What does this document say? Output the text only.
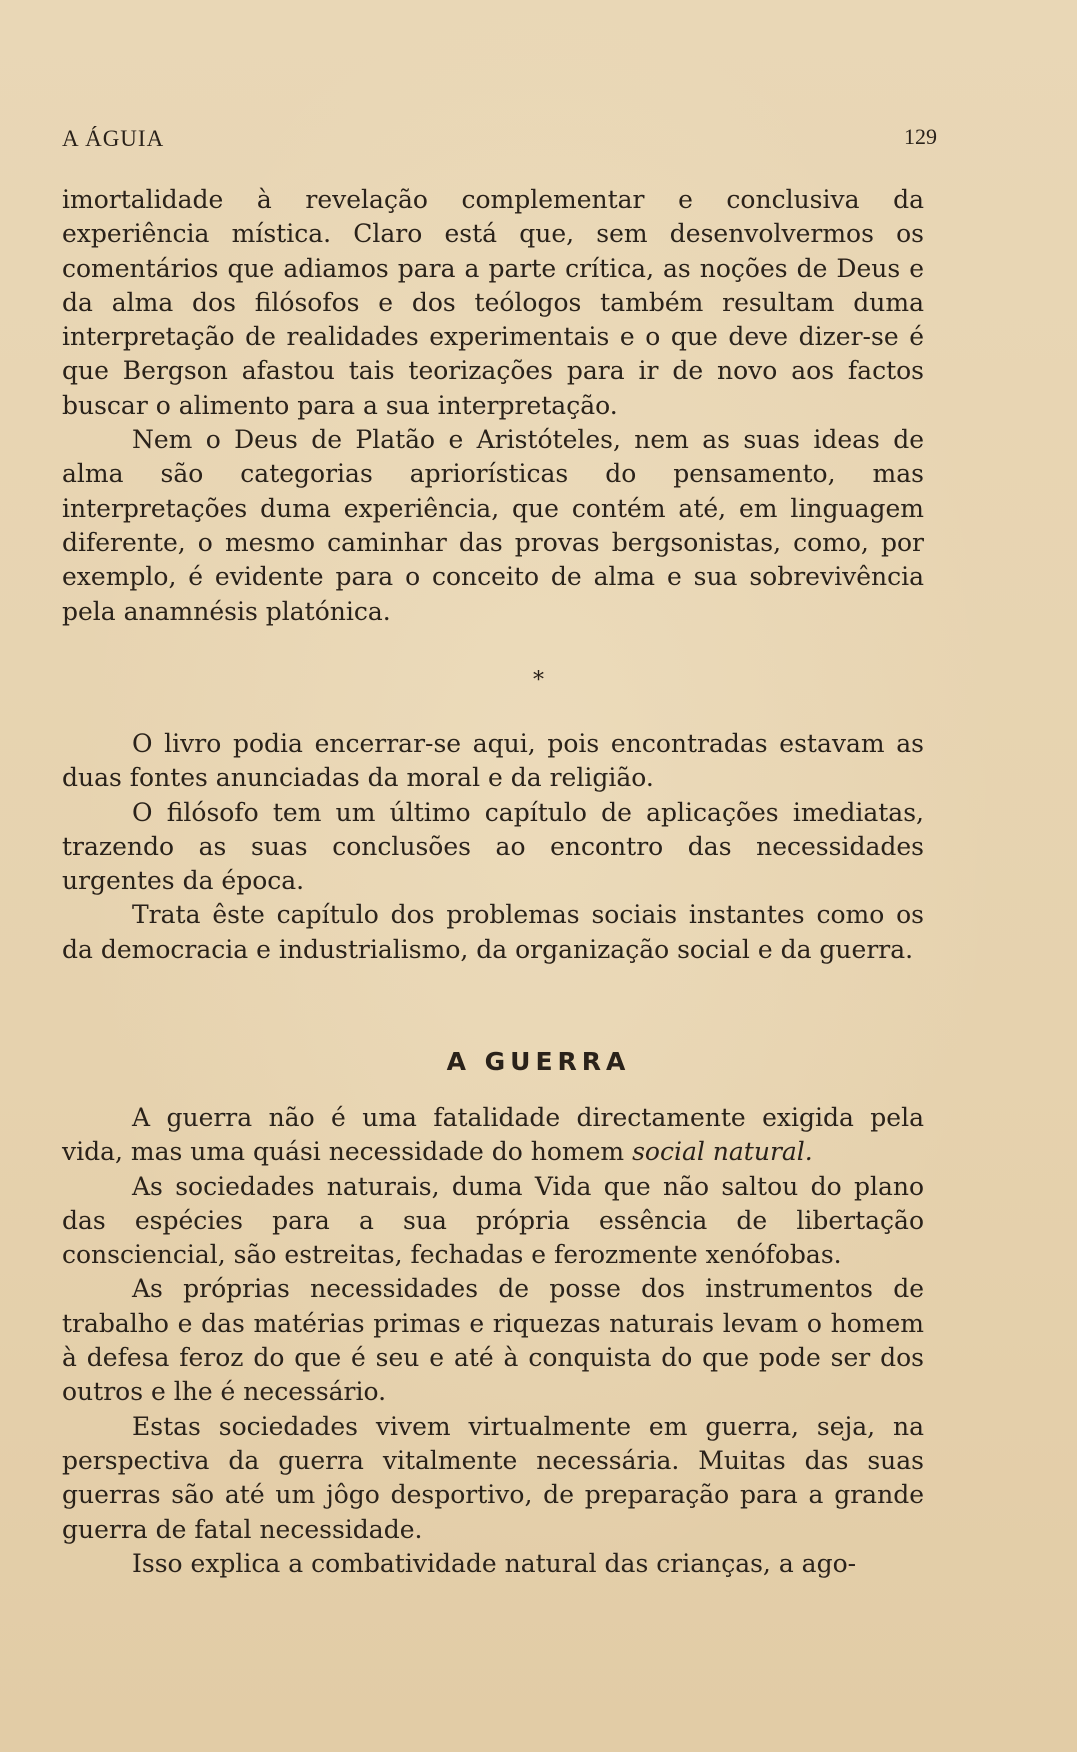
A ÁGUIA	129

imortalidade à revelação complementar e conclusiva da experiência mística. Claro está que, sem desenvolvermos os comentários que adiamos para a parte crítica, as noções de Deus e da alma dos filósofos e dos teólogos também resultam duma interpretação de realidades experimentais e o que deve dizer-se é que Bergson afastou tais teorizações para ir de novo aos factos buscar o alimento para a sua interpretação.

Nem o Deus de Platão e Aristóteles, nem as suas ideas de alma são categorias apriorísticas do pensamento, mas interpretações duma experiência, que contém até, em linguagem diferente, o mesmo caminhar das provas bergsonistas, como, por exemplo, é evidente para o conceito de alma e sua sobrevivência pela anamnésis platónica.

*

O livro podia encerrar-se aqui, pois encontradas estavam as duas fontes anunciadas da moral e da religião.

O filósofo tem um último capítulo de aplicações imediatas, trazendo as suas conclusões ao encontro das necessidades urgentes da época.

Trata êste capítulo dos problemas sociais instantes como os da democracia e industrialismo, da organização social e da guerra.

A GUERRA

A guerra não é uma fatalidade directamente exigida pela vida, mas uma quási necessidade do homem social natural.

As sociedades naturais, duma Vida que não saltou do plano das espécies para a sua própria essência de libertação consciencial, são estreitas, fechadas e ferozmente xenófobas.

As próprias necessidades de posse dos instrumentos de trabalho e das matérias primas e riquezas naturais levam o homem à defesa feroz do que é seu e até à conquista do que pode ser dos outros e lhe é necessário.

Estas sociedades vivem virtualmente em guerra, seja, na perspectiva da guerra vitalmente necessária. Muitas das suas guerras são até um jôgo desportivo, de preparação para a grande guerra de fatal necessidade.

Isso explica a combatividade natural das crianças, a ago-
